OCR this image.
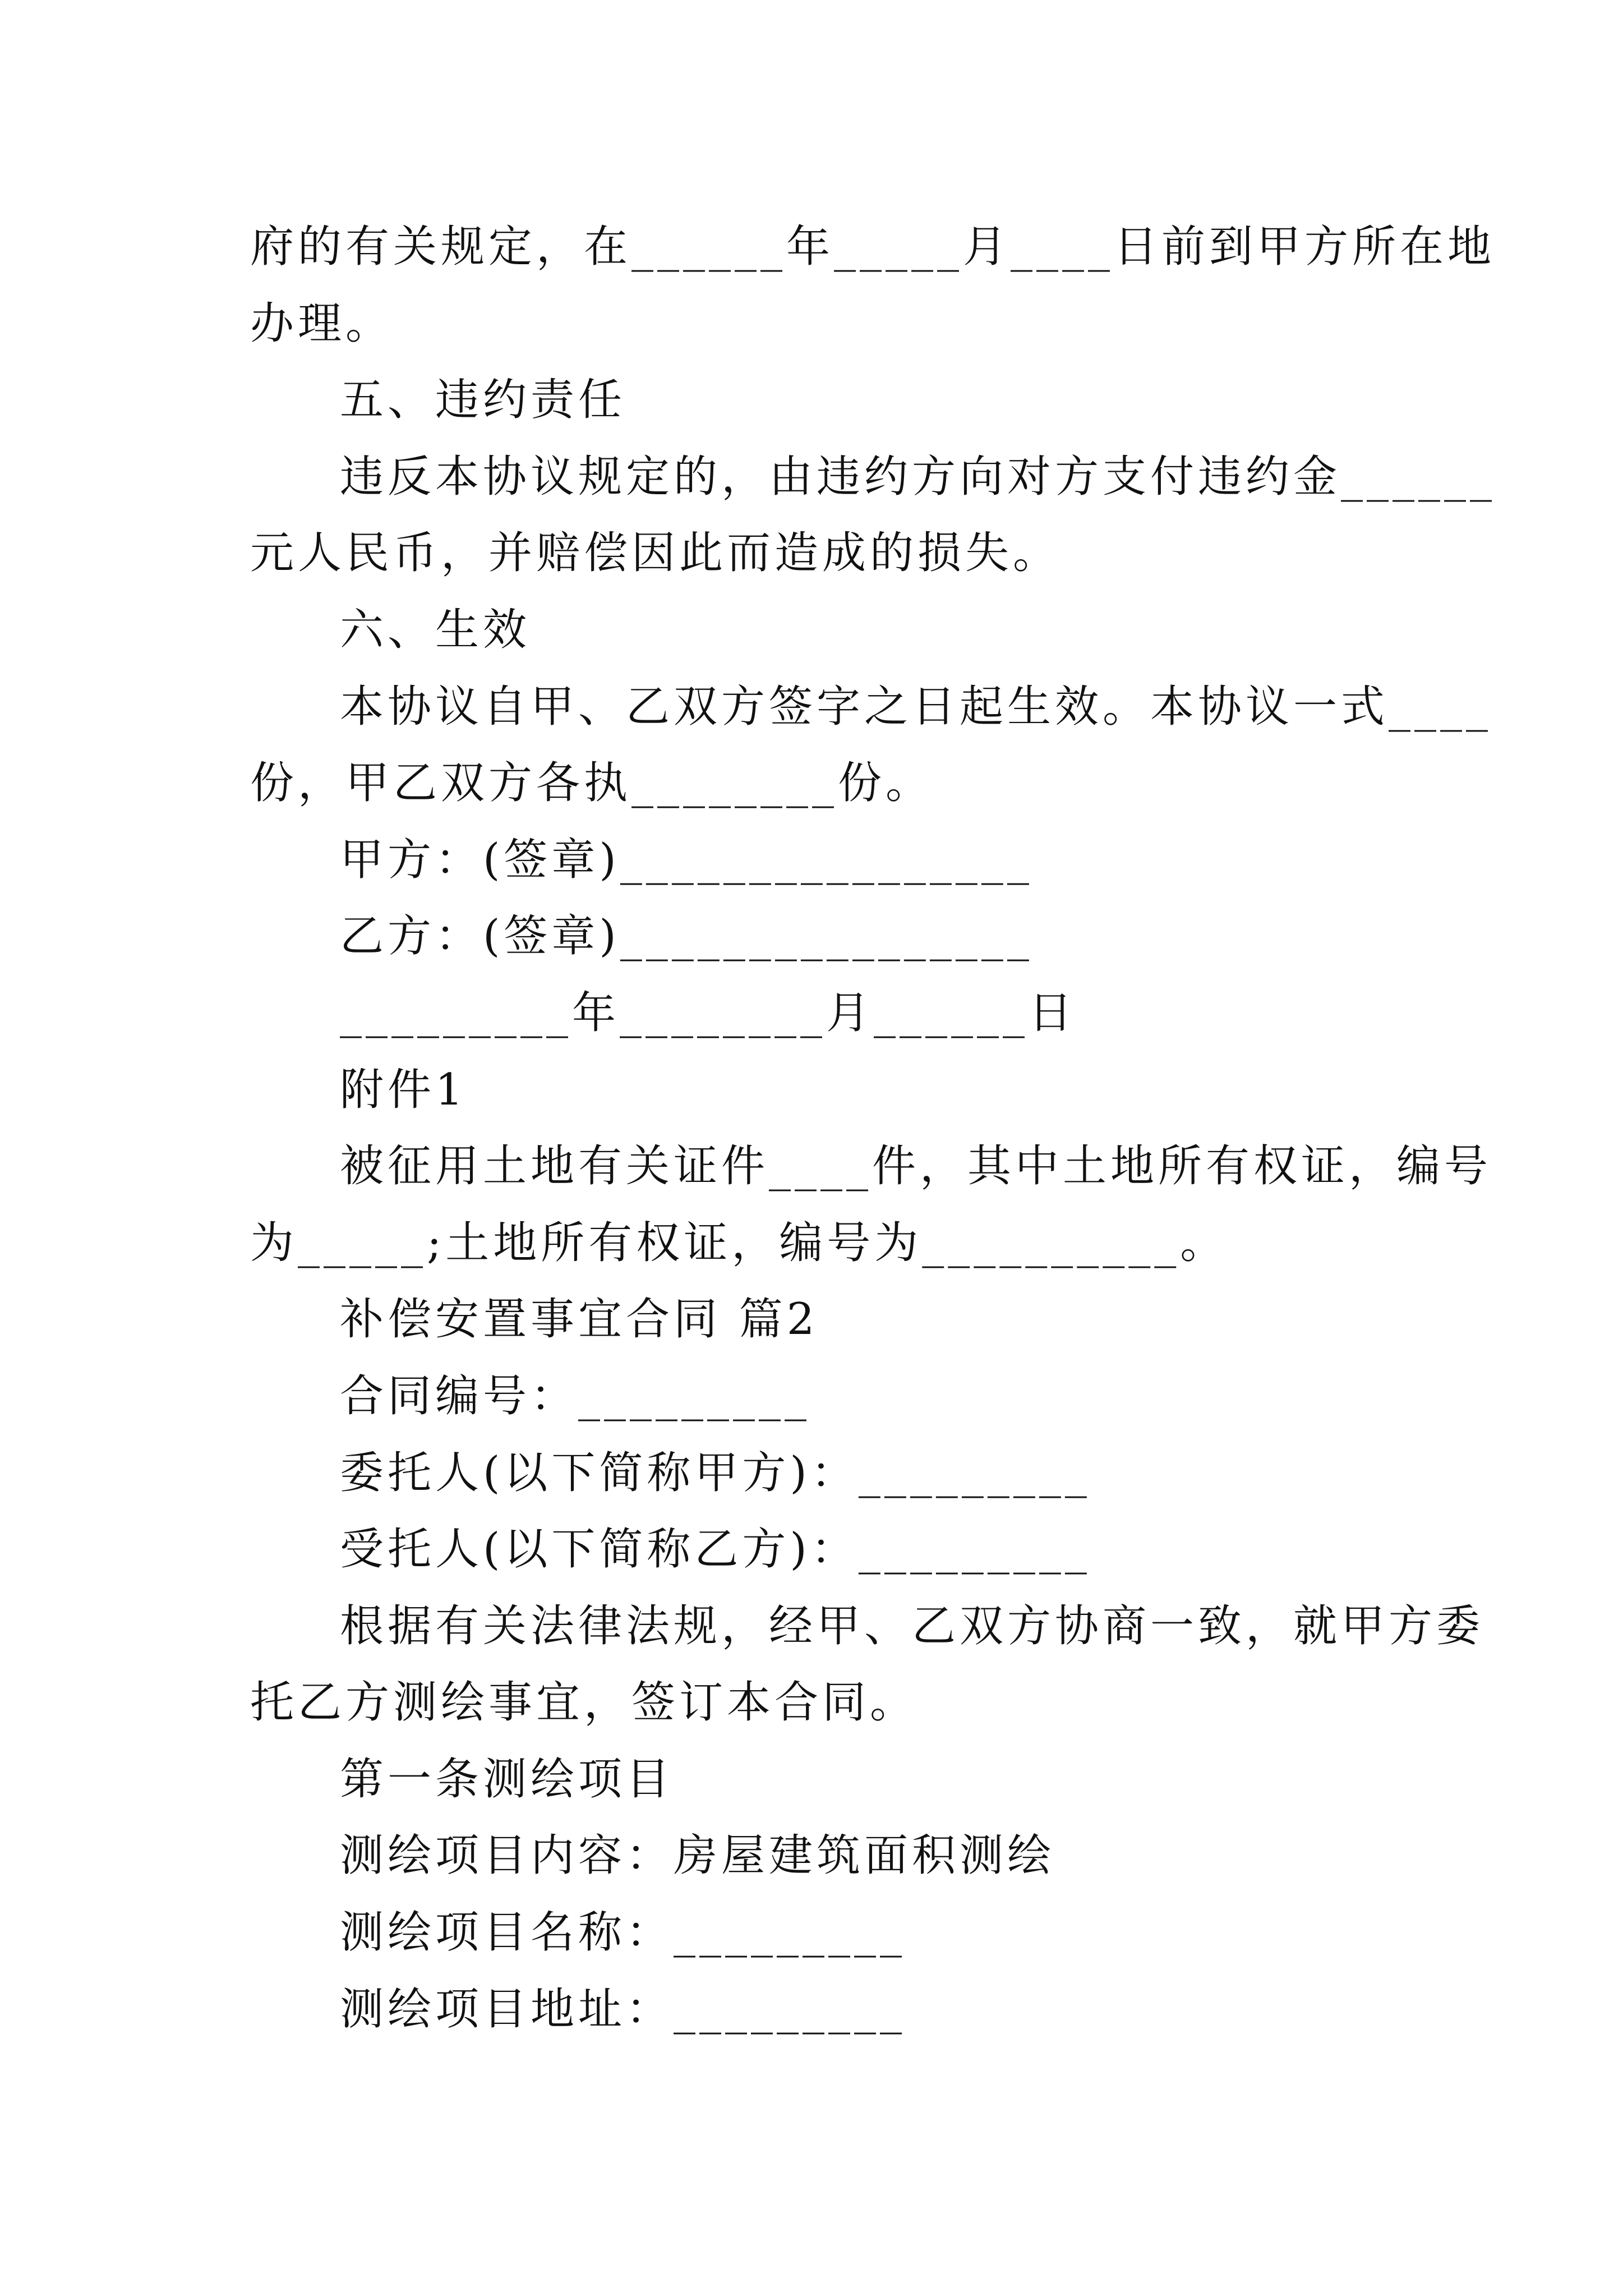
府的有关规定，在______年_____月____日前到甲方所在地
办理。
五、违约责任
违反本协议规定的，由违约方向对方支付违约金______
元人民币，并赔偿因此而造成的损失。
六、生效
本协议自甲、乙双方签字之日起生效。本协议一式____
份，甲乙双方各执________份。
甲方：(签章)________________
乙方：(签章)________________
_________年________月______日
附件1
被征用土地有关证件____件，其中土地所有权证，编号
为_____;土地所有权证，编号为__________。
补偿安置事宜合同 篇2
合同编号：_________
委托人(以下简称甲方)：_________
受托人(以下简称乙方)：_________
根据有关法律法规，经甲、乙双方协商一致，就甲方委
托乙方测绘事宜，签订本合同。
第一条测绘项目
测绘项目内容：房屋建筑面积测绘
测绘项目名称：_________
测绘项目地址：_________
